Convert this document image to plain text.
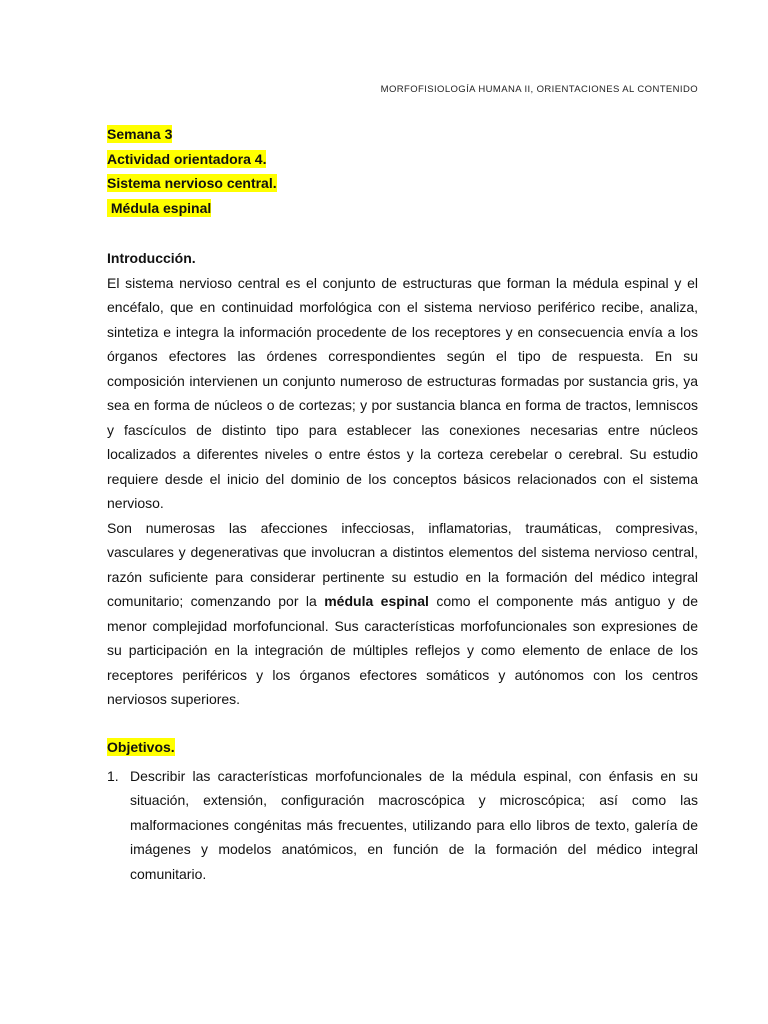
MORFOFISIOLOGÍA HUMANA II, ORIENTACIONES AL CONTENIDO
Semana 3
Actividad orientadora 4.
Sistema nervioso central.
Médula espinal
Introducción.

El sistema nervioso central es el conjunto de estructuras que forman la médula espinal y el encéfalo, que en continuidad morfológica con el sistema nervioso periférico recibe, analiza, sintetiza e integra la información procedente de los receptores y en consecuencia envía a los órganos efectores las órdenes correspondientes según el tipo de respuesta. En su composición intervienen un conjunto numeroso de estructuras formadas por sustancia gris, ya sea en forma de núcleos o de cortezas; y por sustancia blanca en forma de tractos, lemniscos y fascículos de distinto tipo para establecer las conexiones necesarias entre núcleos localizados a diferentes niveles o entre éstos y la corteza cerebelar o cerebral. Su estudio requiere desde el inicio del dominio de los conceptos básicos relacionados con el sistema nervioso.

Son numerosas las afecciones infecciosas, inflamatorias, traumáticas, compresivas, vasculares y degenerativas que involucran a distintos elementos del sistema nervioso central, razón suficiente para considerar pertinente su estudio en la formación del médico integral comunitario; comenzando por la médula espinal como el componente más antiguo y de menor complejidad morfofuncional. Sus características morfofuncionales son expresiones de su participación en la integración de múltiples reflejos y como elemento de enlace de los receptores periféricos y los órganos efectores somáticos y autónomos con los centros nerviosos superiores.

Objetivos.
1. Describir las características morfofuncionales de la médula espinal, con énfasis en su situación, extensión, configuración macroscópica y microscópica; así como las malformaciones congénitas más frecuentes, utilizando para ello libros de texto, galería de imágenes y modelos anatómicos, en función de la formación del médico integral comunitario.
